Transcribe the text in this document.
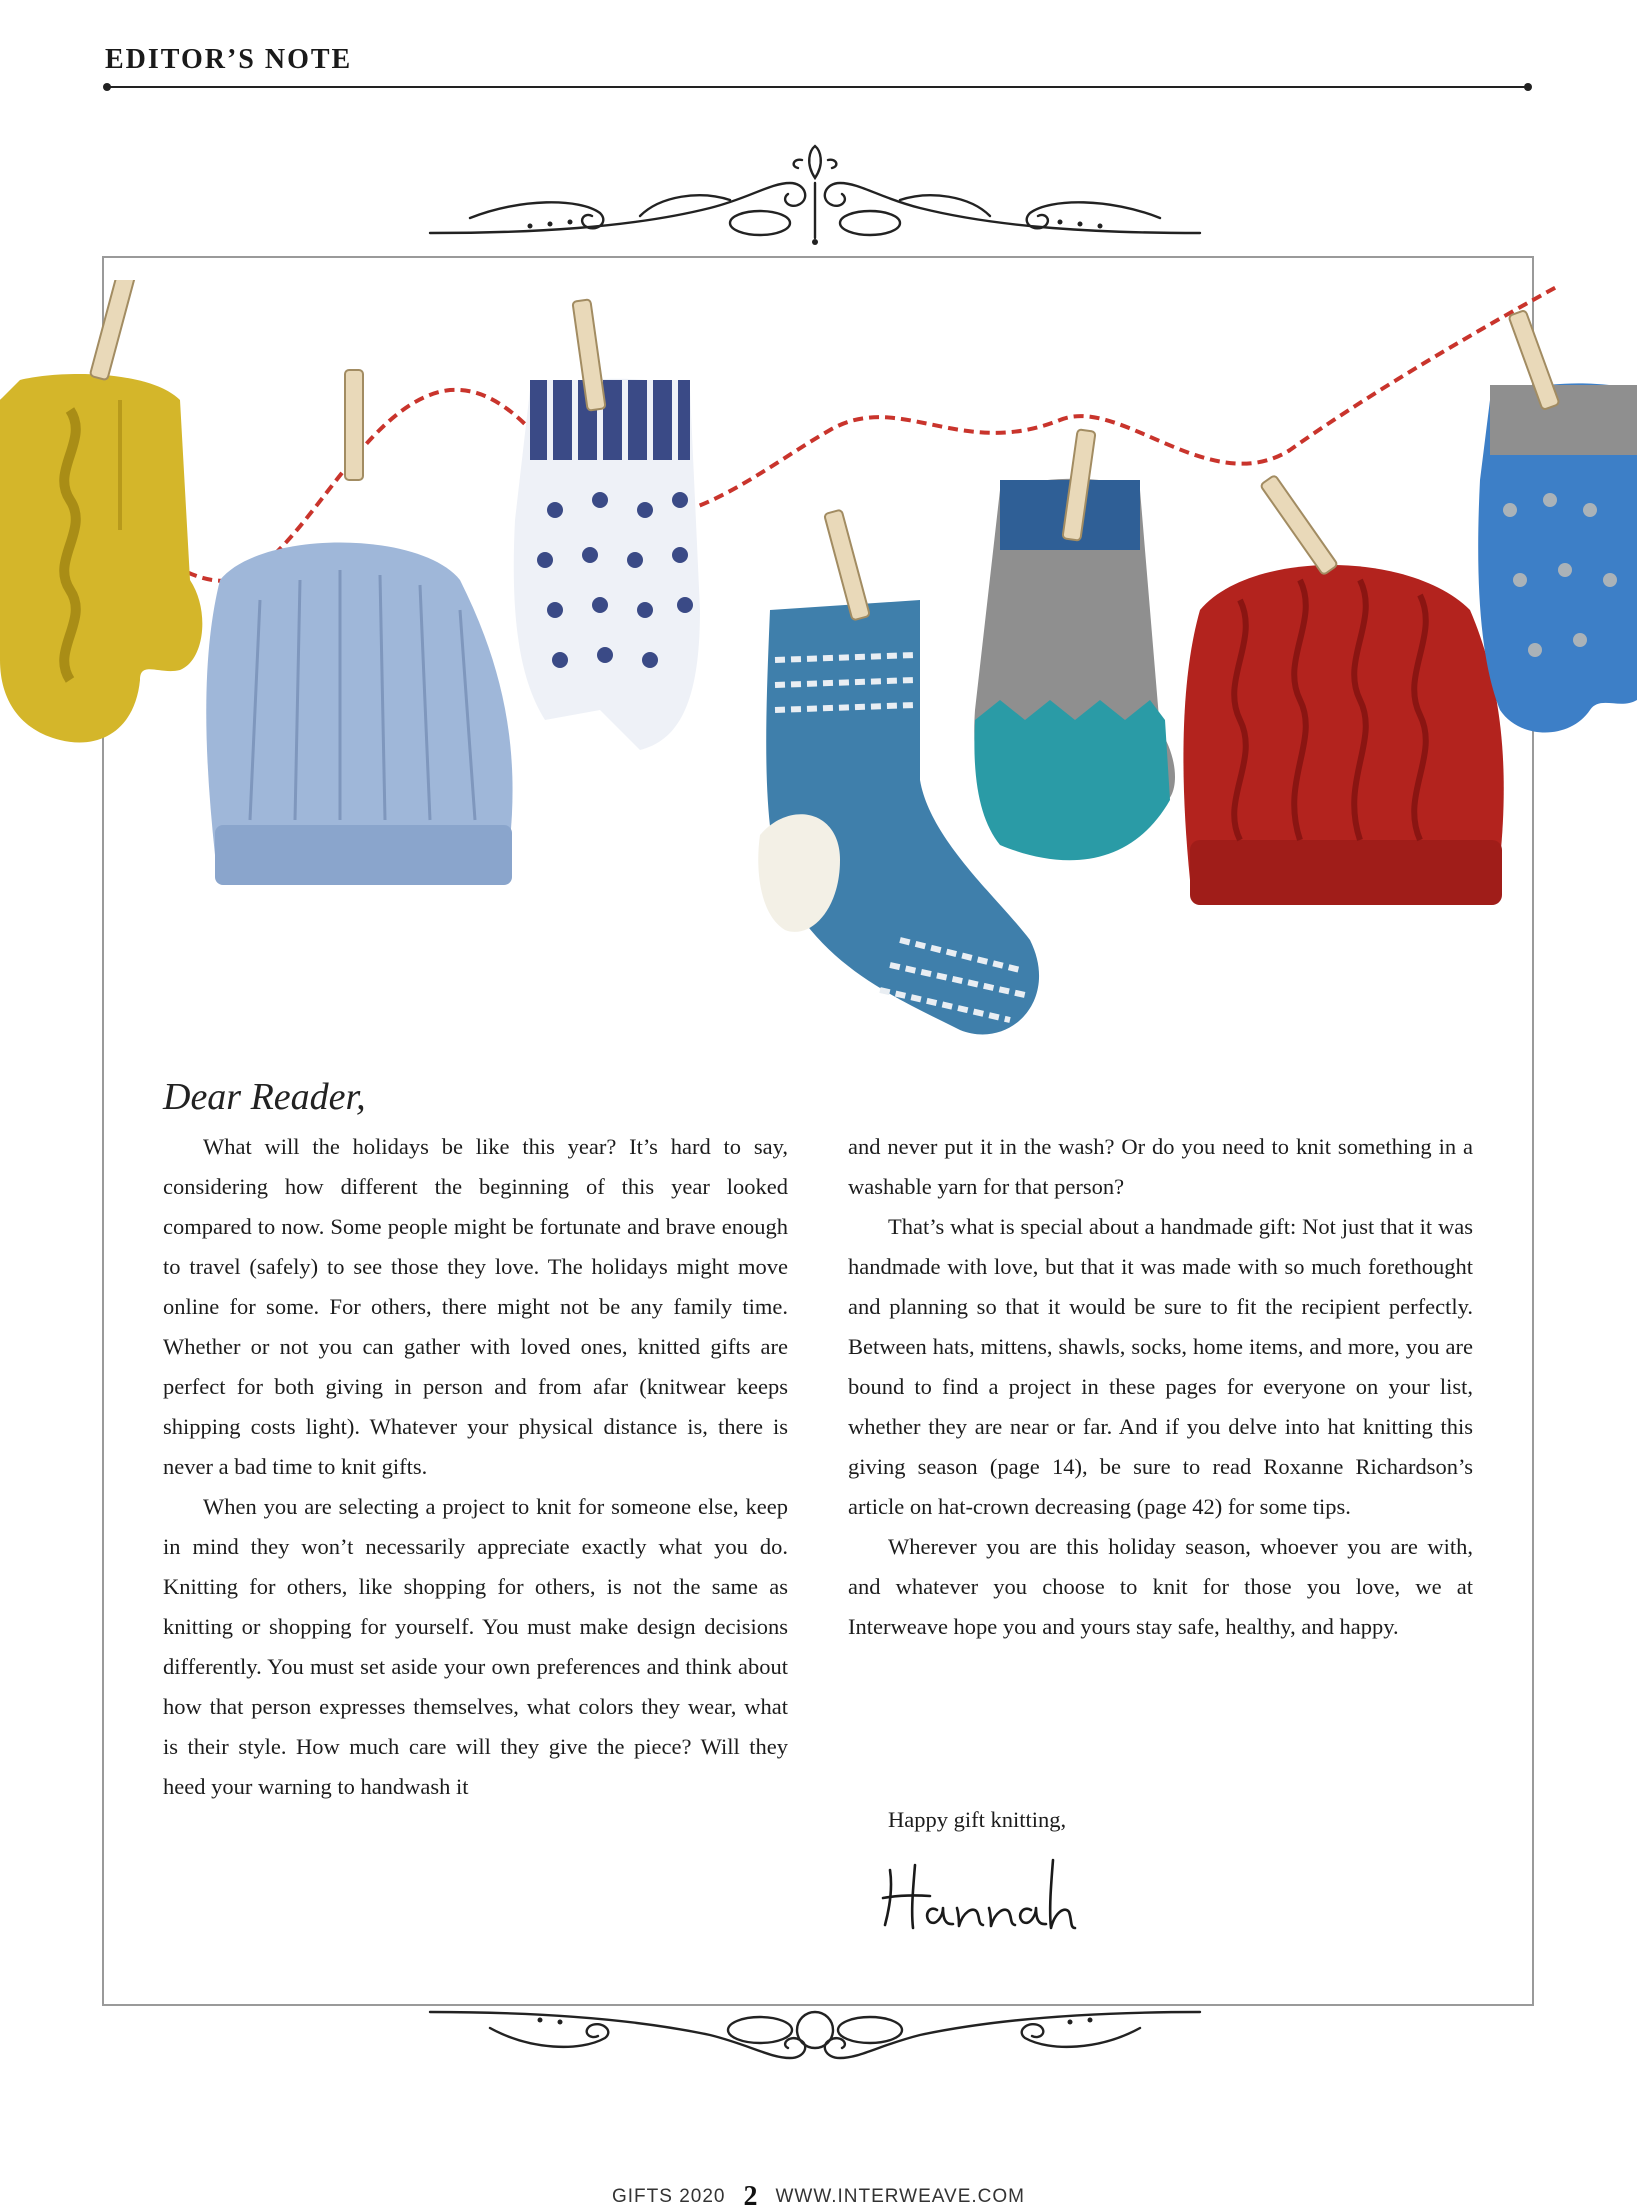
EDITOR’S NOTE
Dear Reader,

What will the holidays be like this year? It’s hard to say, considering how different the beginning of this year looked compared to now. Some people might be fortunate and brave enough to travel (safely) to see those they love. The holidays might move online for some. For others, there might not be any family time. Whether or not you can gather with loved ones, knitted gifts are perfect for both giving in person and from afar (knitwear keeps shipping costs light). Whatever your physical distance is, there is never a bad time to knit gifts.

When you are selecting a project to knit for someone else, keep in mind they won’t necessarily appreciate exactly what you do. Knitting for others, like shopping for others, is not the same as knitting or shopping for yourself. You must make design decisions differently. You must set aside your own preferences and think about how that person expresses themselves, what colors they wear, what is their style. How much care will they give the piece? Will they heed your warning to handwash it

and never put it in the wash? Or do you need to knit something in a washable yarn for that person?

That’s what is special about a handmade gift: Not just that it was handmade with love, but that it was made with so much forethought and planning so that it would be sure to fit the recipient perfectly. Between hats, mittens, shawls, socks, home items, and more, you are bound to find a project in these pages for everyone on your list, whether they are near or far. And if you delve into hat knitting this giving season (page 14), be sure to read Roxanne Richardson’s article on hat-crown decreasing (page 42) for some tips.

Wherever you are this holiday season, whoever you are with, and whatever you choose to knit for those you love, we at Interweave hope you and yours stay safe, healthy, and happy.

Happy gift knitting,
GIFTS 2020 2 WWW.INTERWEAVE.COM
